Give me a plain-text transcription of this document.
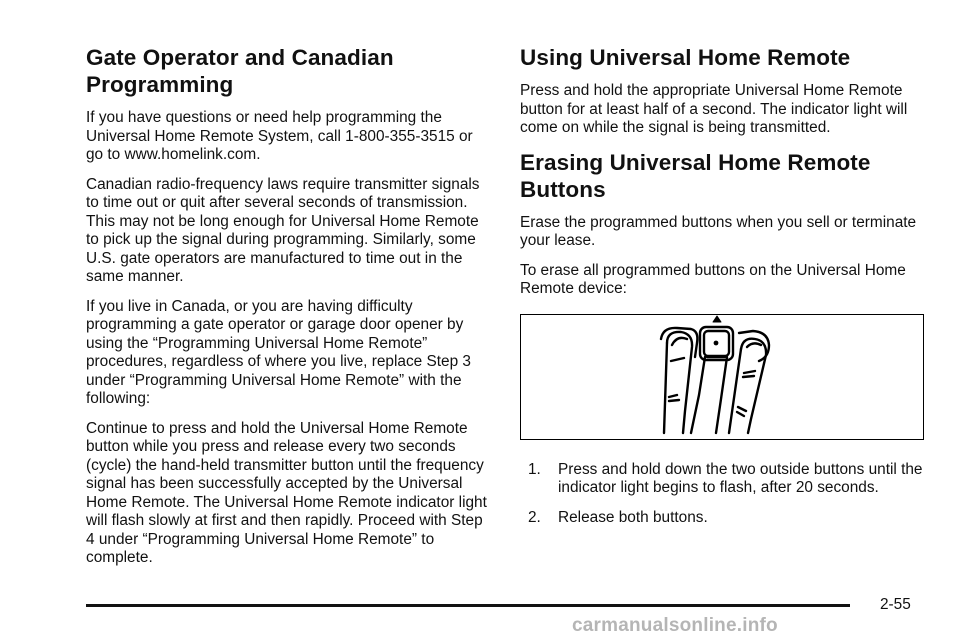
Gate Operator and Canadian Programming

If you have questions or need help programming the Universal Home Remote System, call 1-800-355-3515 or go to www.homelink.com.

Canadian radio-frequency laws require transmitter signals to time out or quit after several seconds of transmission. This may not be long enough for Universal Home Remote to pick up the signal during programming. Similarly, some U.S. gate operators are manufactured to time out in the same manner.

If you live in Canada, or you are having difficulty programming a gate operator or garage door opener by using the “Programming Universal Home Remote” procedures, regardless of where you live, replace Step 3 under “Programming Universal Home Remote” with the following:

Continue to press and hold the Universal Home Remote button while you press and release every two seconds (cycle) the hand-held transmitter button until the frequency signal has been successfully accepted by the Universal Home Remote. The Universal Home Remote indicator light will flash slowly at first and then rapidly. Proceed with Step 4 under “Programming Universal Home Remote” to complete.

Using Universal Home Remote

Press and hold the appropriate Universal Home Remote button for at least half of a second. The indicator light will come on while the signal is being transmitted.

Erasing Universal Home Remote Buttons

Erase the programmed buttons when you sell or terminate your lease.

To erase all programmed buttons on the Universal Home Remote device:

1. Press and hold down the two outside buttons until the indicator light begins to flash, after 20 seconds.
2. Release both buttons.
2-55
carmanualsonline.info
